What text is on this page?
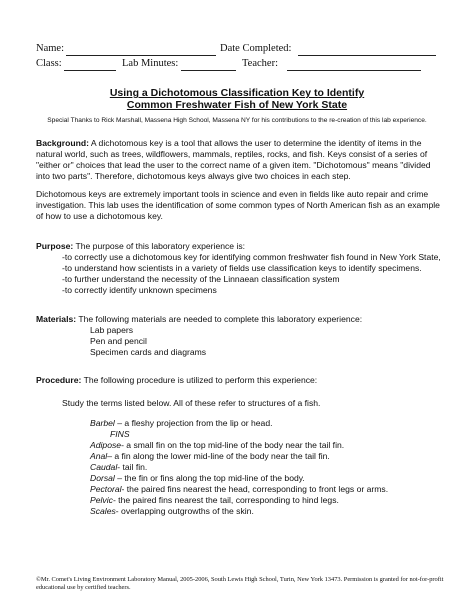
Name:	Date Completed:
Class:	Lab Minutes:	Teacher:
Using a Dichotomous Classification Key to Identify
Common Freshwater Fish of New York State
Special Thanks to Rick Marshall, Massena High School, Massena NY for his contributions to the re-creation of this lab experience.
Background: A dichotomous key is a tool that allows the user to determine the identity of items in the natural world, such as trees, wildflowers, mammals, reptiles, rocks, and fish. Keys consist of a series of "either or" choices that lead the user to the correct name of a given item. "Dichotomous" means "divided into two parts". Therefore, dichotomous keys always give two choices in each step.
Dichotomous keys are extremely important tools in science and even in fields like auto repair and crime investigation. This lab uses the identification of some common types of North American fish as an example of how to use a dichotomous key.
Purpose: The purpose of this laboratory experience is:
-to correctly use a dichotomous key for identifying common freshwater fish found in New York State,
-to understand how scientists in a variety of fields use classification keys to identify specimens.
-to further understand the necessity of the Linnaean classification system
-to correctly identify unknown specimens
Materials: The following materials are needed to complete this laboratory experience:
Lab papers
Pen and pencil
Specimen cards and diagrams
Procedure: The following procedure is utilized to perform this experience:
Study the terms listed below. All of these refer to structures of a fish.
Barbel – a fleshy projection from the lip or head.
FINS
Adipose- a small fin on the top mid-line of the body near the tail fin.
Anal– a fin along the lower mid-line of the body near the tail fin.
Caudal- tail fin.
Dorsal – the fin or fins along the top mid-line of the body.
Pectoral- the paired fins nearest the head, corresponding to front legs or arms.
Pelvic- the paired fins nearest the tail, corresponding to hind legs.
Scales- overlapping outgrowths of the skin.
©Mr. Comet's Living Environment Laboratory Manual, 2005-2006, South Lewis High School, Turin, New York 13473. Permission is granted for not-for-profit
educational use by certified teachers.
